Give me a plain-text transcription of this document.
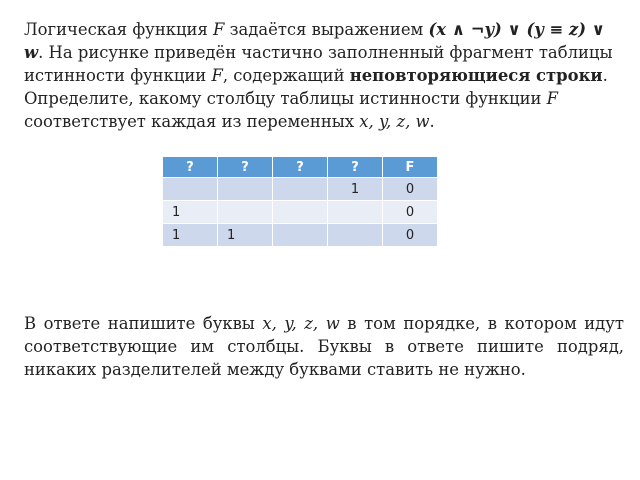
Логическая функция F задаётся выражением (x ∧ ¬y) ∨ (y ≡ z) ∨ w. На рисунке приведён частично заполненный фрагмент таблицы истинности функции F, содержащий неповторяющиеся строки. Определите, какому столбцу таблицы истинности функции F соответствует каждая из переменных x, y, z, w.
?	?	?	?	F
			1	0
1				0
1	1			0
В ответе напишите буквы x, y, z, w в том порядке, в котором идут соответствующие им столбцы. Буквы в ответе пишите подряд, никаких разделителей между буквами ставить не нужно.
